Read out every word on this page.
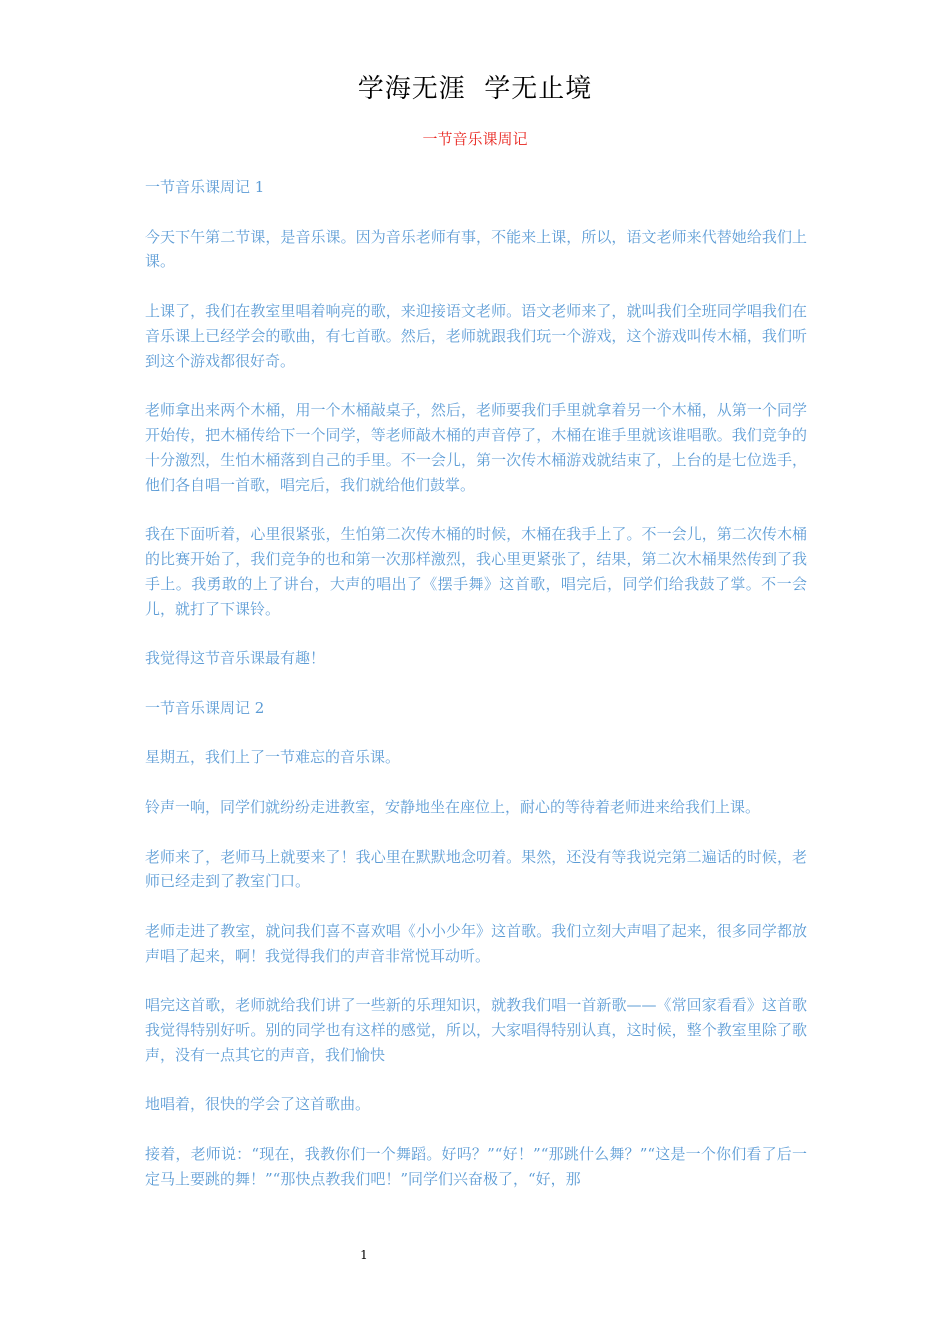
学海无涯  学无止境
一节音乐课周记

一节音乐课周记 1

今天下午第二节课，是音乐课。因为音乐老师有事，不能来上课，所以，语文老师来代替她给我们上课。

上课了，我们在教室里唱着响亮的歌，来迎接语文老师。语文老师来了，就叫我们全班同学唱我们在音乐课上已经学会的歌曲，有七首歌。然后，老师就跟我们玩一个游戏，这个游戏叫传木桶，我们听到这个游戏都很好奇。

老师拿出来两个木桶，用一个木桶敲桌子，然后，老师要我们手里就拿着另一个木桶，从第一个同学开始传，把木桶传给下一个同学，等老师敲木桶的声音停了，木桶在谁手里就该谁唱歌。我们竞争的十分激烈，生怕木桶落到自己的手里。不一会儿，第一次传木桶游戏就结束了，上台的是七位选手，他们各自唱一首歌，唱完后，我们就给他们鼓掌。

我在下面听着，心里很紧张，生怕第二次传木桶的时候，木桶在我手上了。不一会儿，第二次传木桶的比赛开始了，我们竞争的也和第一次那样激烈，我心里更紧张了，结果，第二次木桶果然传到了我手上。我勇敢的上了讲台，大声的唱出了《摆手舞》这首歌，唱完后，同学们给我鼓了掌。不一会儿，就打了下课铃。

我觉得这节音乐课最有趣！

一节音乐课周记 2

星期五，我们上了一节难忘的音乐课。

铃声一响，同学们就纷纷走进教室，安静地坐在座位上，耐心的等待着老师进来给我们上课。

老师来了，老师马上就要来了！我心里在默默地念叨着。果然，还没有等我说完第二遍话的时候，老师已经走到了教室门口。

老师走进了教室，就问我们喜不喜欢唱《小小少年》这首歌。我们立刻大声唱了起来，很多同学都放声唱了起来，啊！我觉得我们的声音非常悦耳动听。

唱完这首歌，老师就给我们讲了一些新的乐理知识，就教我们唱一首新歌——《常回家看看》这首歌我觉得特别好听。别的同学也有这样的感觉，所以，大家唱得特别认真，这时候，整个教室里除了歌声，没有一点其它的声音，我们愉快

地唱着，很快的学会了这首歌曲。

接着，老师说：“现在，我教你们一个舞蹈。好吗？”“好！”“那跳什么舞？”“这是一个你们看了后一定马上要跳的舞！”“那快点教我们吧！”同学们兴奋极了，“好，那

1
